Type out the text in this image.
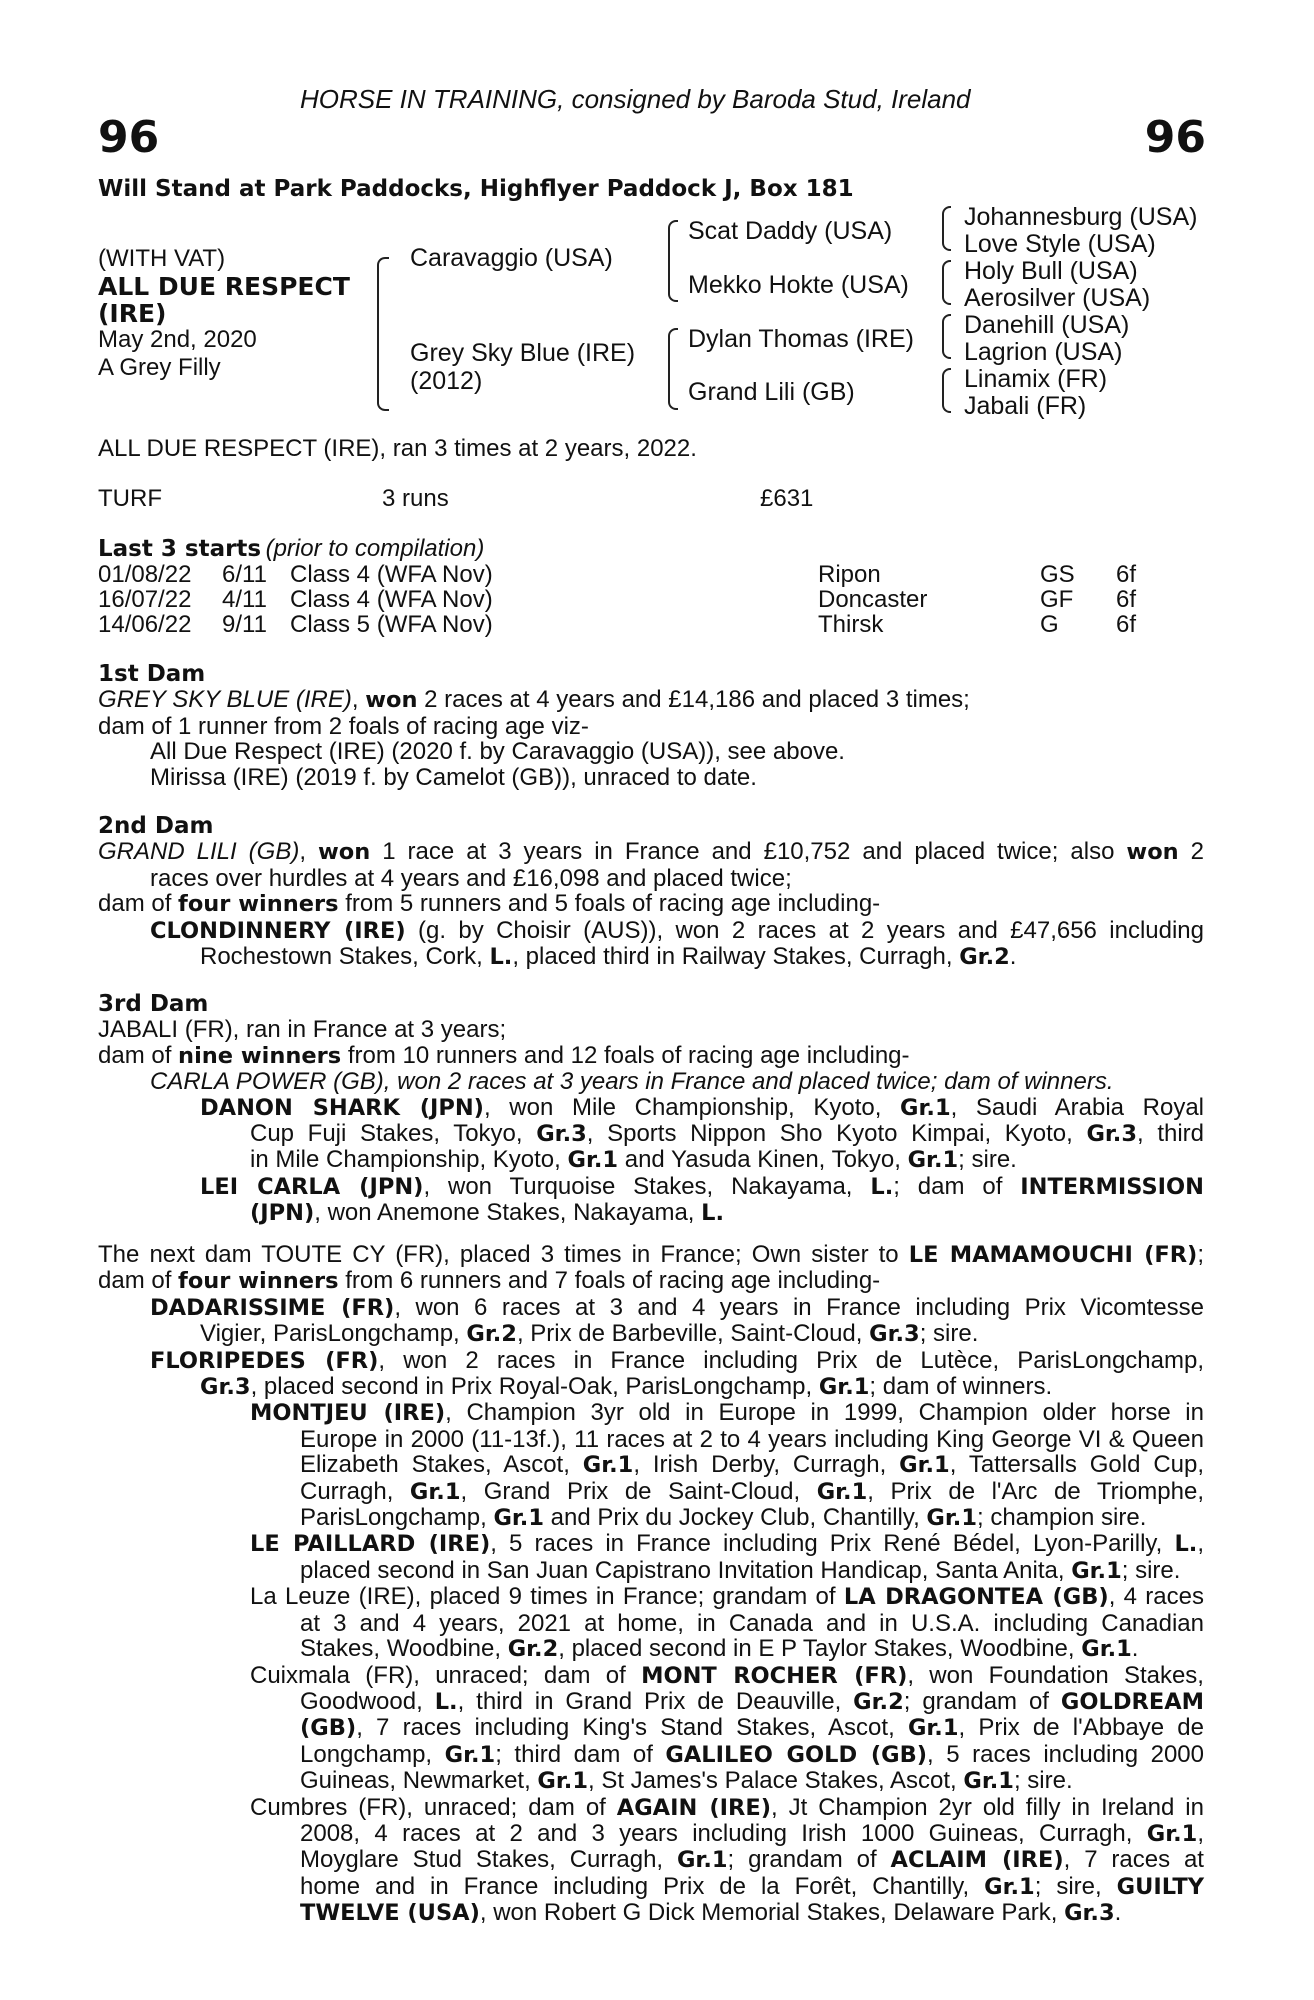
HORSE IN TRAINING, consigned by Baroda Stud, Ireland
96	96
Will Stand at Park Paddocks, Highflyer Paddock J, Box 181
(WITH VAT)
ALL DUE RESPECT
(IRE)
May 2nd, 2020
A Grey Filly
Caravaggio (USA)
Grey Sky Blue (IRE)
(2012)
Scat Daddy (USA)
Mekko Hokte (USA)
Dylan Thomas (IRE)
Grand Lili (GB)
Johannesburg (USA)
Love Style (USA)
Holy Bull (USA)
Aerosilver (USA)
Danehill (USA)
Lagrion (USA)
Linamix (FR)
Jabali (FR)
ALL DUE RESPECT (IRE), ran 3 times at 2 years, 2022.
TURF	3 runs	£631
Last 3 starts (prior to compilation)
01/08/22 6/11 Class 4 (WFA Nov)	Ripon	GS 6f
16/07/22 4/11 Class 4 (WFA Nov)	Doncaster	GF 6f
14/06/22 9/11 Class 5 (WFA Nov)	Thirsk	G 6f
1st Dam
GREY SKY BLUE (IRE), won 2 races at 4 years and £14,186 and placed 3 times;
dam of 1 runner from 2 foals of racing age viz-
All Due Respect (IRE) (2020 f. by Caravaggio (USA)), see above.
Mirissa (IRE) (2019 f. by Camelot (GB)), unraced to date.
2nd Dam
GRAND LILI (GB), won 1 race at 3 years in France and £10,752 and placed twice; also won 2
races over hurdles at 4 years and £16,098 and placed twice;
dam of four winners from 5 runners and 5 foals of racing age including-
CLONDINNERY (IRE) (g. by Choisir (AUS)), won 2 races at 2 years and £47,656 including
Rochestown Stakes, Cork, L., placed third in Railway Stakes, Curragh, Gr.2.
3rd Dam
JABALI (FR), ran in France at 3 years;
dam of nine winners from 10 runners and 12 foals of racing age including-
CARLA POWER (GB), won 2 races at 3 years in France and placed twice; dam of winners.
DANON SHARK (JPN), won Mile Championship, Kyoto, Gr.1, Saudi Arabia Royal
Cup Fuji Stakes, Tokyo, Gr.3, Sports Nippon Sho Kyoto Kimpai, Kyoto, Gr.3, third
in Mile Championship, Kyoto, Gr.1 and Yasuda Kinen, Tokyo, Gr.1; sire.
LEI CARLA (JPN), won Turquoise Stakes, Nakayama, L.; dam of INTERMISSION
(JPN), won Anemone Stakes, Nakayama, L.
The next dam TOUTE CY (FR), placed 3 times in France; Own sister to LE MAMAMOUCHI (FR);
dam of four winners from 6 runners and 7 foals of racing age including-
DADARISSIME (FR), won 6 races at 3 and 4 years in France including Prix Vicomtesse
Vigier, ParisLongchamp, Gr.2, Prix de Barbeville, Saint-Cloud, Gr.3; sire.
FLORIPEDES (FR), won 2 races in France including Prix de Lutèce, ParisLongchamp,
Gr.3, placed second in Prix Royal-Oak, ParisLongchamp, Gr.1; dam of winners.
MONTJEU (IRE), Champion 3yr old in Europe in 1999, Champion older horse in
Europe in 2000 (11-13f.), 11 races at 2 to 4 years including King George VI & Queen
Elizabeth Stakes, Ascot, Gr.1, Irish Derby, Curragh, Gr.1, Tattersalls Gold Cup,
Curragh, Gr.1, Grand Prix de Saint-Cloud, Gr.1, Prix de l'Arc de Triomphe,
ParisLongchamp, Gr.1 and Prix du Jockey Club, Chantilly, Gr.1; champion sire.
LE PAILLARD (IRE), 5 races in France including Prix René Bédel, Lyon-Parilly, L.,
placed second in San Juan Capistrano Invitation Handicap, Santa Anita, Gr.1; sire.
La Leuze (IRE), placed 9 times in France; grandam of LA DRAGONTEA (GB), 4 races
at 3 and 4 years, 2021 at home, in Canada and in U.S.A. including Canadian
Stakes, Woodbine, Gr.2, placed second in E P Taylor Stakes, Woodbine, Gr.1.
Cuixmala (FR), unraced; dam of MONT ROCHER (FR), won Foundation Stakes,
Goodwood, L., third in Grand Prix de Deauville, Gr.2; grandam of GOLDREAM
(GB), 7 races including King's Stand Stakes, Ascot, Gr.1, Prix de l'Abbaye de
Longchamp, Gr.1; third dam of GALILEO GOLD (GB), 5 races including 2000
Guineas, Newmarket, Gr.1, St James's Palace Stakes, Ascot, Gr.1; sire.
Cumbres (FR), unraced; dam of AGAIN (IRE), Jt Champion 2yr old filly in Ireland in
2008, 4 races at 2 and 3 years including Irish 1000 Guineas, Curragh, Gr.1,
Moyglare Stud Stakes, Curragh, Gr.1; grandam of ACLAIM (IRE), 7 races at
home and in France including Prix de la Forêt, Chantilly, Gr.1; sire, GUILTY
TWELVE (USA), won Robert G Dick Memorial Stakes, Delaware Park, Gr.3.
